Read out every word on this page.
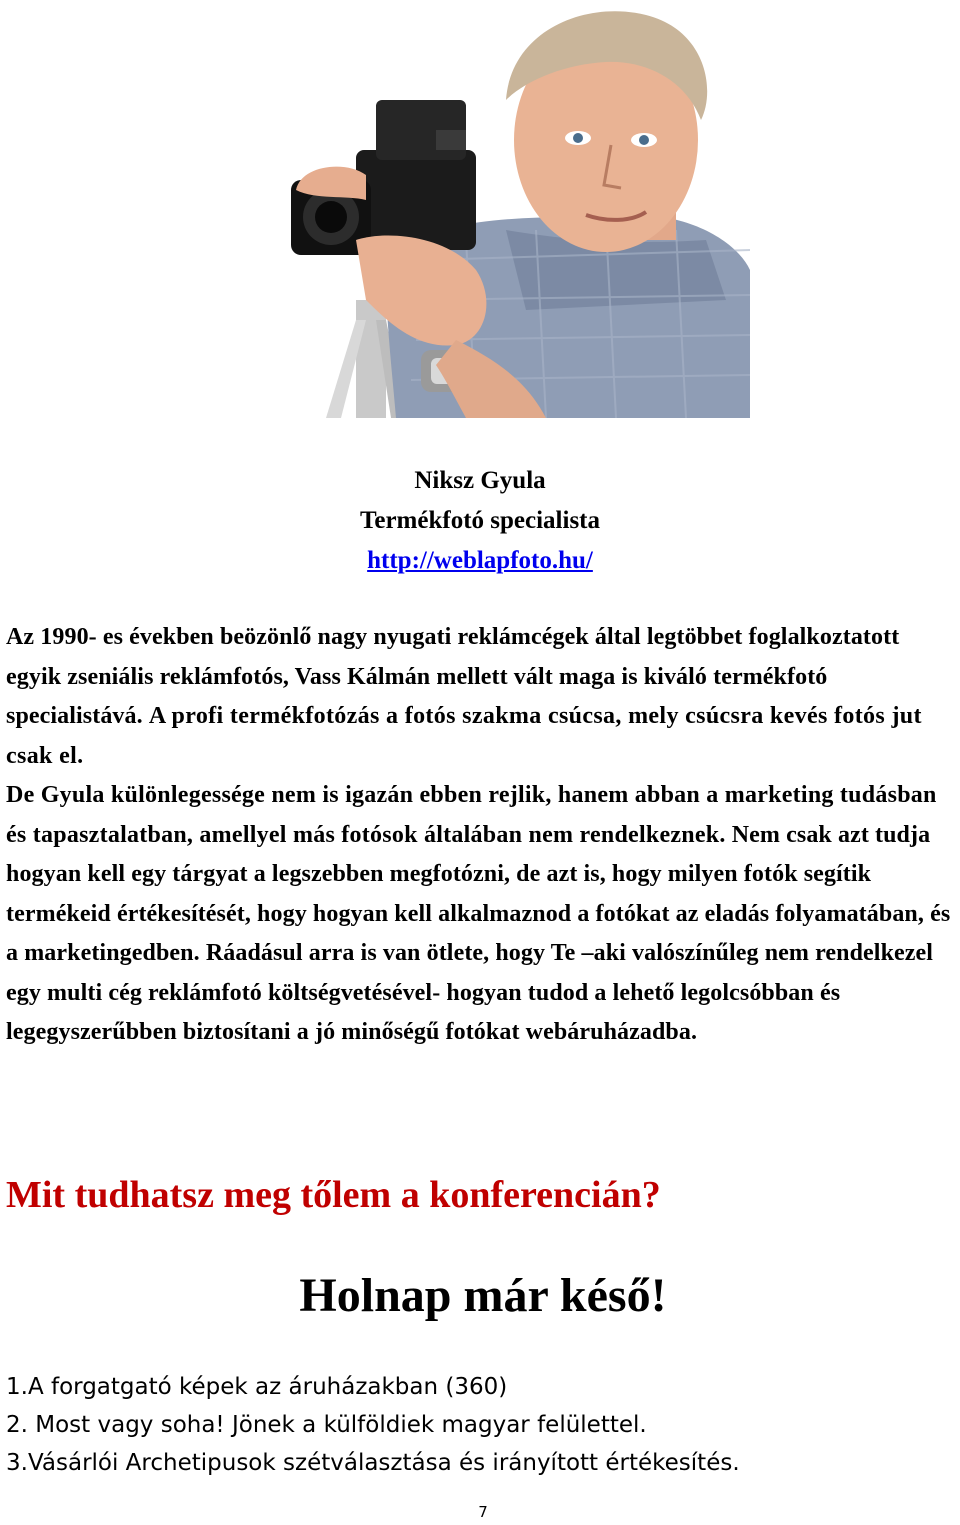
Niksz Gyula
Termékfotó specialista
http://weblapfoto.hu/

Az 1990- es években beözönlő nagy nyugati reklámcégek által legtöbbet foglalkoztatott egyik zseniális reklámfotós, Vass Kálmán mellett vált maga is kiváló termékfotó specialistává. A profi termékfotózás a fotós szakma csúcsa, mely csúcsra kevés fotós jut csak el.
De Gyula különlegessége nem is igazán ebben rejlik, hanem abban a marketing tudásban és tapasztalatban, amellyel más fotósok általában nem rendelkeznek. Nem csak azt tudja hogyan kell egy tárgyat a legszebben megfotózni, de azt is, hogy milyen fotók segítik termékeid értékesítését, hogy hogyan kell alkalmaznod a fotókat az eladás folyamatában, és a marketingedben. Ráadásul arra is van ötlete, hogy Te –aki valószínűleg nem rendelkezel egy multi cég reklámfotó költségvetésével- hogyan tudod a lehető legolcsóbban és legegyszerűbben biztosítani a jó minőségű fotókat webáruházadba.

Mit tudhatsz meg tőlem a konferencián?
Holnap már késő!
1.A forgatgató képek az áruházakban (360)
2. Most vagy soha! Jönek a külföldiek magyar felülettel.
3.Vásárlói Archetipusok szétválasztása és irányított értékesítés.
7
